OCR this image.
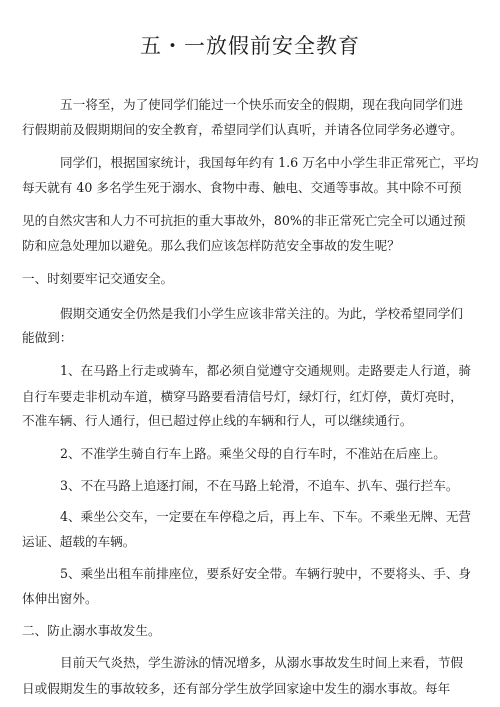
五・一放假前安全教育
五一将至，为了使同学们能过一个快乐而安全的假期，现在我向同学们进
行假期前及假期期间的安全教育，希望同学们认真听，并请各位同学务必遵守。
同学们，根据国家统计，我国每年约有 1.6 万名中小学生非正常死亡，平均
每天就有 40 多名学生死于溺水、食物中毒、触电、交通等事故。其中除不可预
见的自然灾害和人力不可抗拒的重大事故外，80%的非正常死亡完全可以通过预
防和应急处理加以避免。那么我们应该怎样防范安全事故的发生呢？
一、时刻要牢记交通安全。
假期交通安全仍然是我们小学生应该非常关注的。为此，学校希望同学们
能做到：
1、在马路上行走或骑车，都必须自觉遵守交通规则。走路要走人行道，骑
自行车要走非机动车道，横穿马路要看清信号灯，绿灯行，红灯停，黄灯亮时，
不准车辆、行人通行，但已超过停止线的车辆和行人，可以继续通行。
2、不准学生骑自行车上路。乘坐父母的自行车时，不准站在后座上。
3、不在马路上追逐打闹，不在马路上轮滑，不追车、扒车、强行拦车。
4、乘坐公交车，一定要在车停稳之后，再上车、下车。不乘坐无牌、无营
运证、超载的车辆。
5、乘坐出租车前排座位，要系好安全带。车辆行驶中，不要将头、手、身
体伸出窗外。
二、防止溺水事故发生。
目前天气炎热，学生游泳的情况增多，从溺水事故发生时间上来看，节假
日或假期发生的事故较多，还有部分学生放学回家途中发生的溺水事故。每年
